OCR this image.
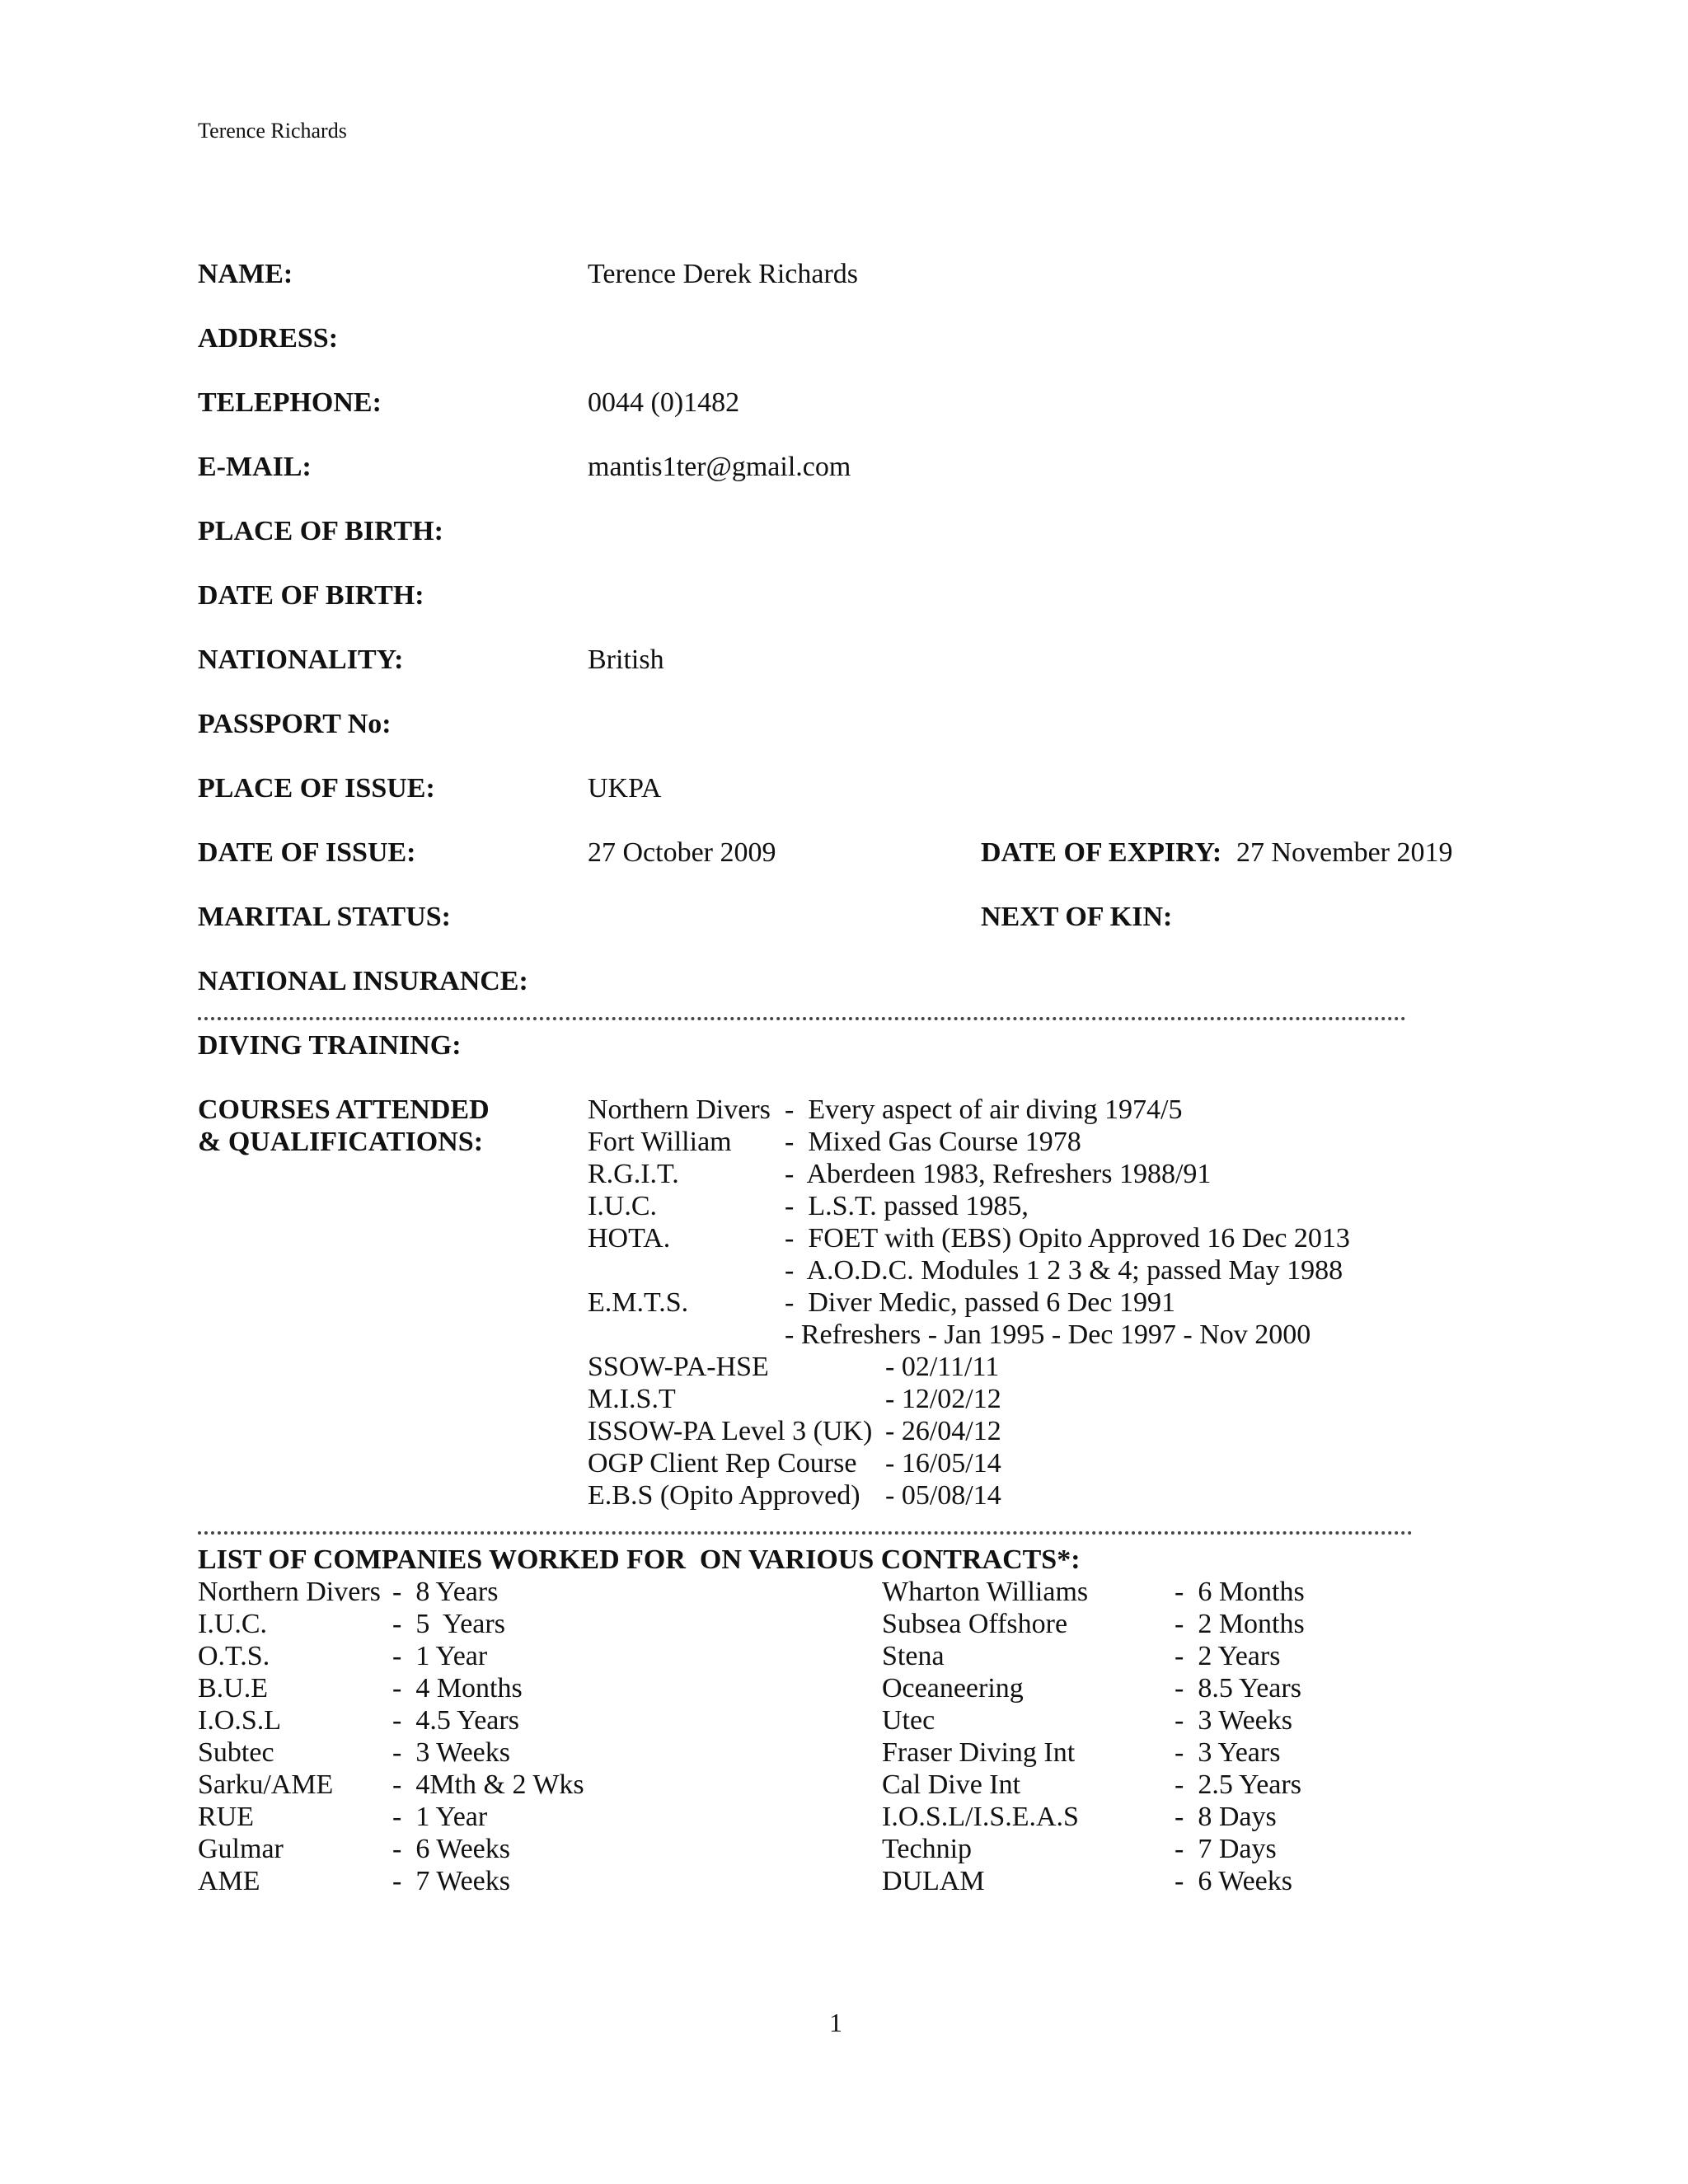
Terence Richards
NAME:	Terence Derek Richards
ADDRESS:
TELEPHONE:	0044 (0)1482
E-MAIL:	mantis1ter@gmail.com
PLACE OF BIRTH:
DATE OF BIRTH:
NATIONALITY:	British
PASSPORT No:
PLACE OF ISSUE:	UKPA
DATE OF ISSUE:	27 October 2009	DATE OF EXPIRY: 27 November 2019
MARITAL STATUS:	NEXT OF KIN:
NATIONAL INSURANCE:
DIVING TRAINING:
COURSES ATTENDED
& QUALIFICATIONS:
Northern Divers -  Every aspect of air diving 1974/5
Fort William -  Mixed Gas Course 1978
R.G.I.T.	-  Aberdeen 1983, Refreshers 1988/91
I.U.C.	-  L.S.T. passed 1985,
HOTA.	-  FOET with (EBS) Opito Approved 16 Dec 2013
-  A.O.D.C. Modules 1 2 3 & 4; passed May 1988
E.M.T.S.	-  Diver Medic, passed 6 Dec 1991
- Refreshers - Jan 1995 - Dec 1997 - Nov 2000
SSOW-PA-HSE	- 02/11/11
M.I.S.T	- 12/02/12
ISSOW-PA Level 3 (UK) - 26/04/12
OGP Client Rep Course - 16/05/14
E.B.S (Opito Approved) - 05/08/14
LIST OF COMPANIES WORKED FOR  ON VARIOUS CONTRACTS*:
Northern Divers -  8 Years
I.U.C.	-  5  Years
O.T.S.	-  1 Year
B.U.E	-  4 Months
I.O.S.L	-  4.5 Years
Subtec	-  3 Weeks
Sarku/AME -  4Mth & 2 Wks
RUE	-  1 Year
Gulmar	-  6 Weeks
AME	-  7 Weeks
Wharton Williams	-  6 Months
Subsea Offshore	-  2 Months
Stena	-  2 Years
Oceaneering	-  8.5 Years
Utec	-  3 Weeks
Fraser Diving Int	-  3 Years
Cal Dive Int	-  2.5 Years
I.O.S.L/I.S.E.A.S	-  8 Days
Technip	-  7 Days
DULAM	-  6 Weeks
1
